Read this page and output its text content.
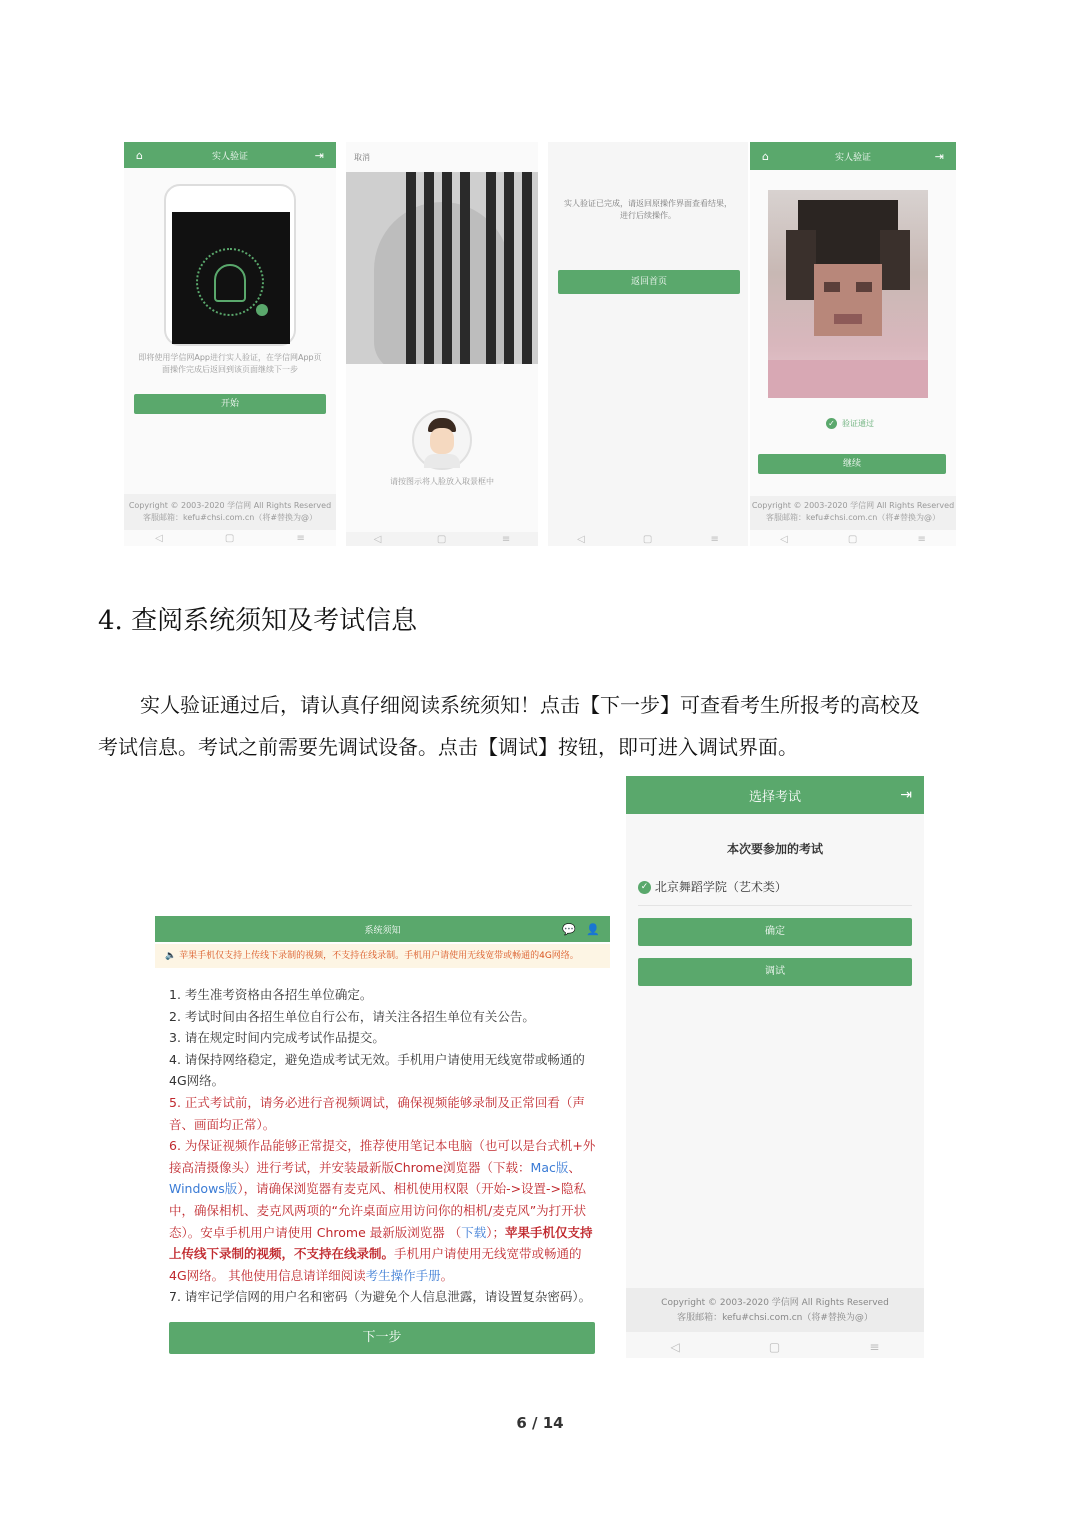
⌂	实人验证	⇥
即将使用学信网App进行实人验证，在学信网App页面操作完成后返回到该页面继续下一步
开始
Copyright © 2003-2020 学信网 All Rights Reserved
客服邮箱：kefu#chsi.com.cn（将#替换为@）
◁	▢	≡
取消
请按图示将人脸放入取景框中
◁	▢	≡
实人验证已完成，请返回原操作界面查看结果，进行后续操作。
返回首页
◁	▢	≡
⌂	实人验证	⇥
✓ 验证通过
继续
Copyright © 2003-2020 学信网 All Rights Reserved
客服邮箱：kefu#chsi.com.cn（将#替换为@）
◁	▢	≡
4. 查阅系统须知及考试信息
实人验证通过后，请认真仔细阅读系统须知！点击【下一步】可查看考生所报考的高校及
考试信息。考试之前需要先调试设备。点击【调试】按钮，即可进入调试界面。
系统须知	👤
💬
🔈 苹果手机仅支持上传线下录制的视频，不支持在线录制。手机用户请使用无线宽带或畅通的4G网络。
1. 考生准考资格由各招生单位确定。
2. 考试时间由各招生单位自行公布，请关注各招生单位有关公告。
3. 请在规定时间内完成考试作品提交。
4. 请保持网络稳定，避免造成考试无效。手机用户请使用无线宽带或畅通的4G网络。
5. 正式考试前，请务必进行音视频调试，确保视频能够录制及正常回看（声音、画面均正常）。
6. 为保证视频作品能够正常提交，推荐使用笔记本电脑（也可以是台式机+外接高清摄像头）进行考试，并安装最新版Chrome浏览器（下载：Mac版、Windows版），请确保浏览器有麦克风、相机使用权限（开始->设置->隐私中，确保相机、麦克风两项的“允许桌面应用访问你的相机/麦克风”为打开状态）。安卓手机用户请使用 Chrome 最新版浏览器 （下载）；苹果手机仅支持上传线下录制的视频，不支持在线录制。手机用户请使用无线宽带或畅通的4G网络。 其他使用信息请详细阅读考生操作手册。
7. 请牢记学信网的用户名和密码（为避免个人信息泄露，请设置复杂密码）。
下一步
选择考试	⇥
本次要参加的考试
✓ 北京舞蹈学院（艺术类）
确定
调试
Copyright © 2003-2020 学信网 All Rights Reserved
客服邮箱：kefu#chsi.com.cn（将#替换为@）
◁	▢	≡
6 / 14
